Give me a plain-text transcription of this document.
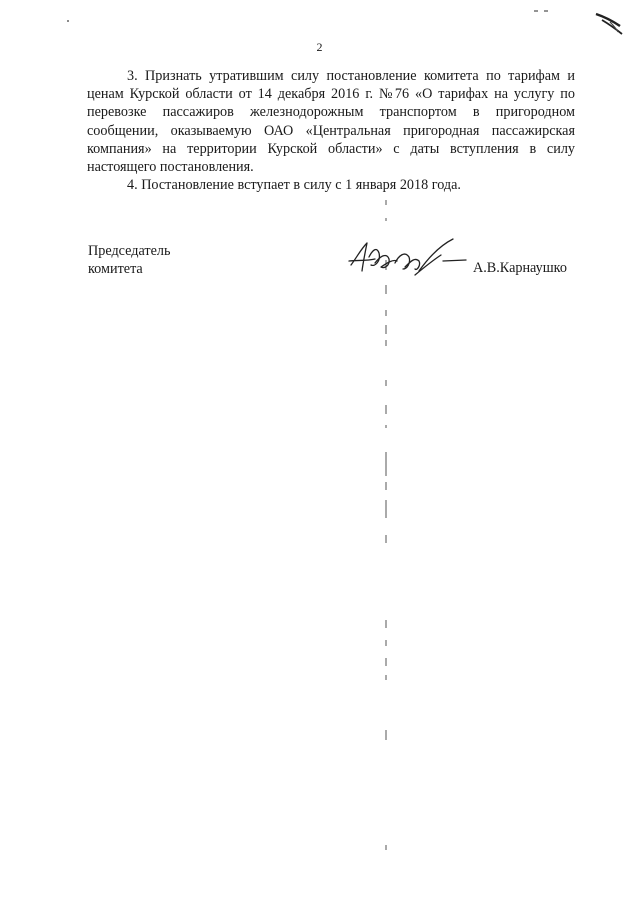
2

3. Признать утратившим силу постановление комитета по тарифам и ценам Курской области от 14 декабря 2016 г. №76 «О тарифах на услугу по перевозке пассажиров железнодорожным транспортом в пригородном сообщении, оказываемую ОАО «Центральная пригородная пассажирская компания» на территории Курской области» с даты вступления в силу настоящего постановления.

4. Постановление вступает в силу с 1 января 2018 года.

Председатель
комитета	А.В.Карнаушко
